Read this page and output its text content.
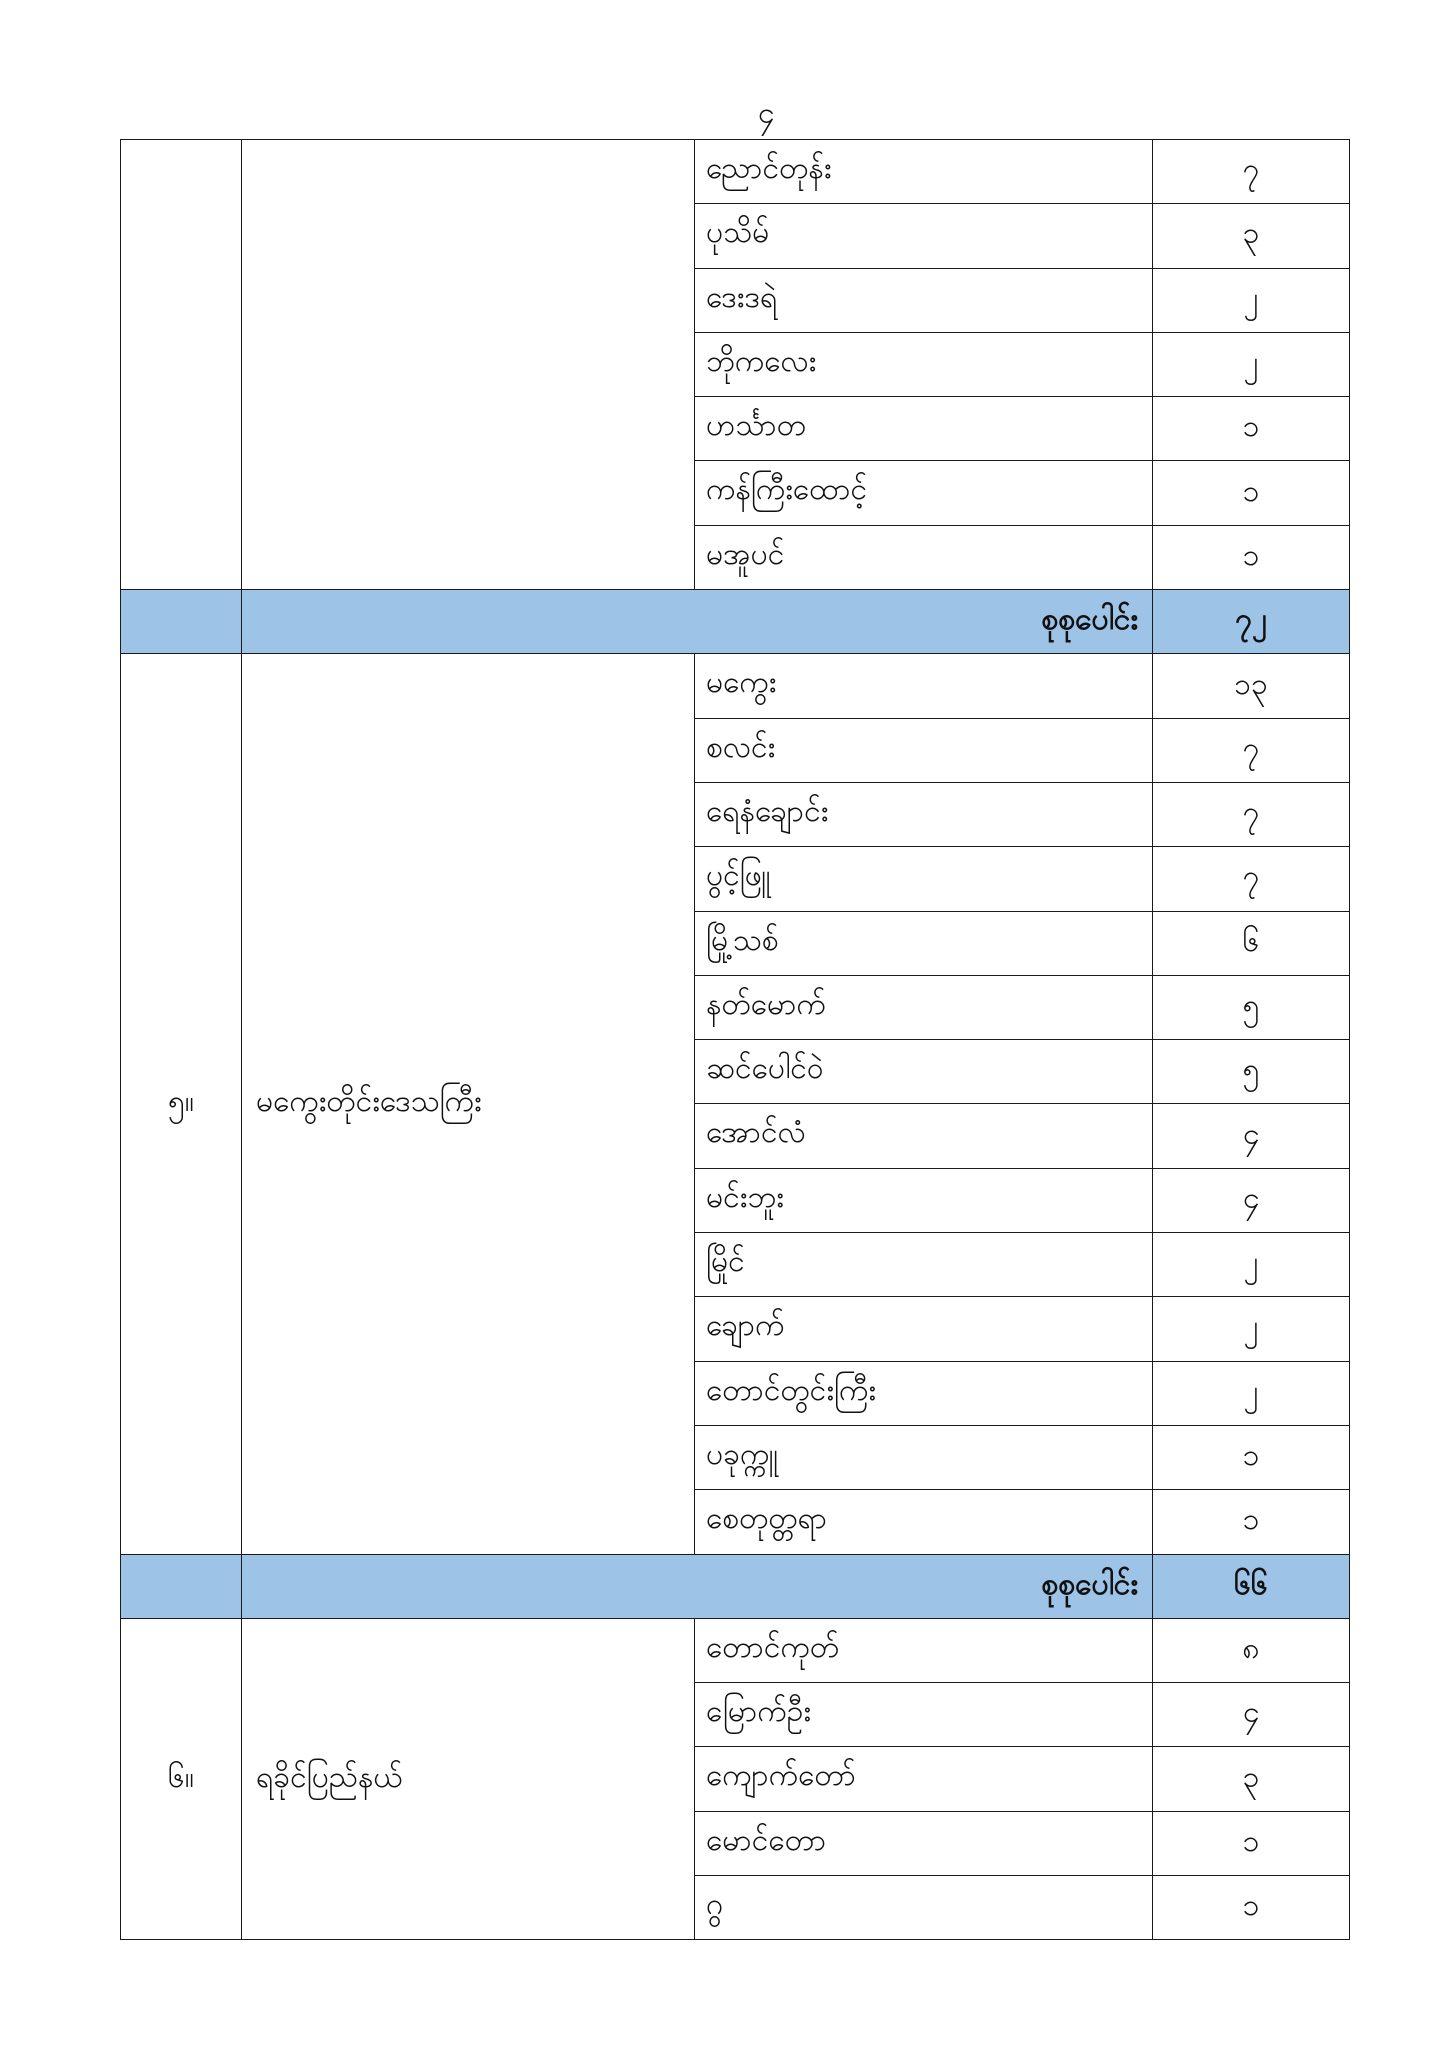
၄
		ညောင်တုန်း	၇
		ပုသိမ်	၃
		ဒေးဒရဲ	၂
		ဘိုကလေး	၂
		ဟင်္သာတ	၁
		ကန်ကြီးထောင့်	၁
		မအူပင်	၁
	စုစုပေါင်း		၇၂
၅။	မကွေးတိုင်းဒေသကြီး	မကွေး	၁၃
		စလင်း	၇
		ရေနံချောင်း	၇
		ပွင့်ဖြူ	၇
		မြို့သစ်	၆
		နတ်မောက်	၅
		ဆင်ပေါင်ဝဲ	၅
		အောင်လံ	၄
		မင်းဘူး	၄
		မြိုင်	၂
		ချောက်	၂
		တောင်တွင်းကြီး	၂
		ပခုက္ကူ	၁
		စေတုတ္တရာ	၁
	စုစုပေါင်း		၆၆
၆။	ရခိုင်ပြည်နယ်	တောင်ကုတ်	၈
		မြောက်ဦး	၄
		ကျောက်တော်	၃
		မောင်တော	၁
		ဂွ	၁
